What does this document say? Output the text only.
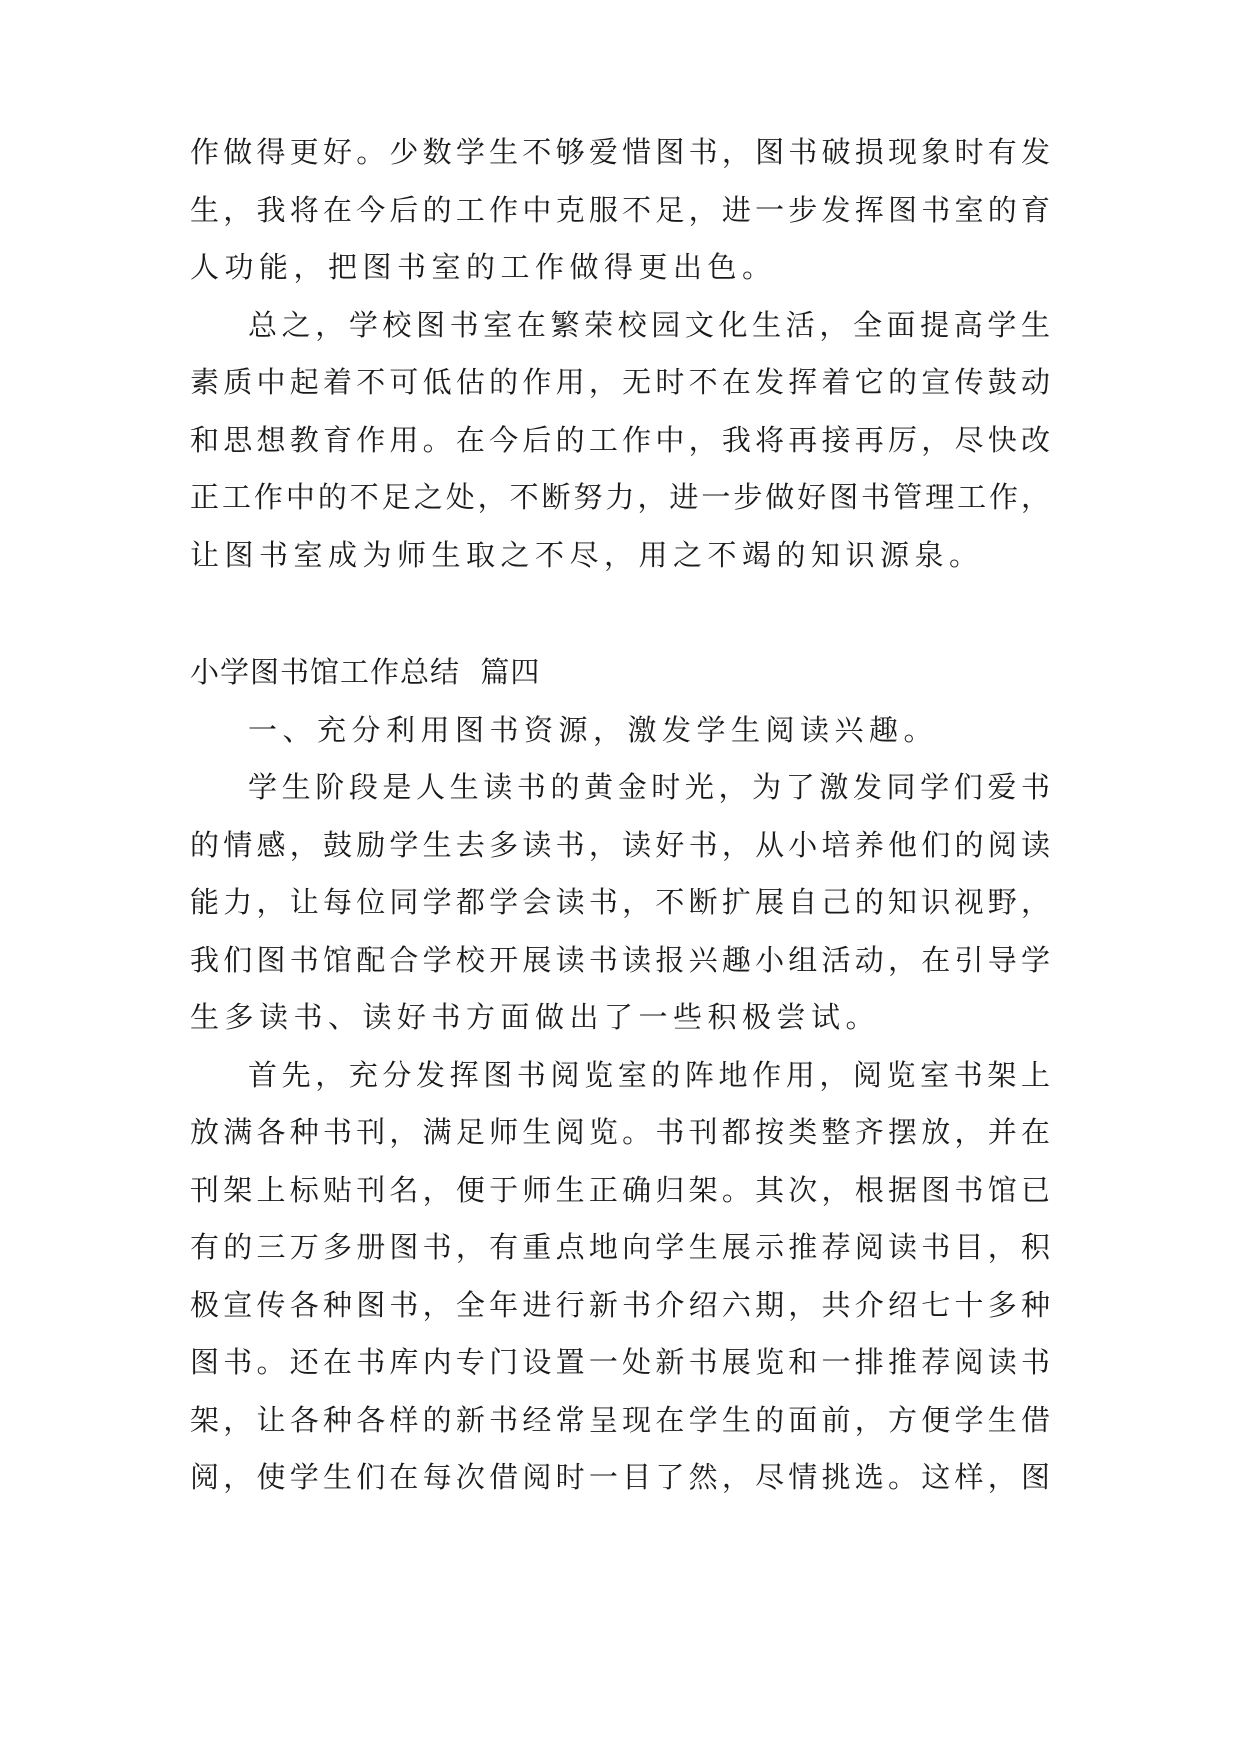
作做得更好。少数学生不够爱惜图书，图书破损现象时有发
生，我将在今后的工作中克服不足，进一步发挥图书室的育
人功能，把图书室的工作做得更出色。
总之，学校图书室在繁荣校园文化生活，全面提高学生
素质中起着不可低估的作用，无时不在发挥着它的宣传鼓动
和思想教育作用。在今后的工作中，我将再接再厉，尽快改
正工作中的不足之处，不断努力，进一步做好图书管理工作，
让图书室成为师生取之不尽，用之不竭的知识源泉。
小学图书馆工作总结  篇四
一、充分利用图书资源，激发学生阅读兴趣。
学生阶段是人生读书的黄金时光，为了激发同学们爱书
的情感，鼓励学生去多读书，读好书，从小培养他们的阅读
能力，让每位同学都学会读书，不断扩展自己的知识视野，
我们图书馆配合学校开展读书读报兴趣小组活动，在引导学
生多读书、读好书方面做出了一些积极尝试。
首先，充分发挥图书阅览室的阵地作用，阅览室书架上
放满各种书刊，满足师生阅览。书刊都按类整齐摆放，并在
刊架上标贴刊名，便于师生正确归架。其次，根据图书馆已
有的三万多册图书，有重点地向学生展示推荐阅读书目，积
极宣传各种图书，全年进行新书介绍六期，共介绍七十多种
图书。还在书库内专门设置一处新书展览和一排推荐阅读书
架，让各种各样的新书经常呈现在学生的面前，方便学生借
阅，使学生们在每次借阅时一目了然，尽情挑选。这样，图
